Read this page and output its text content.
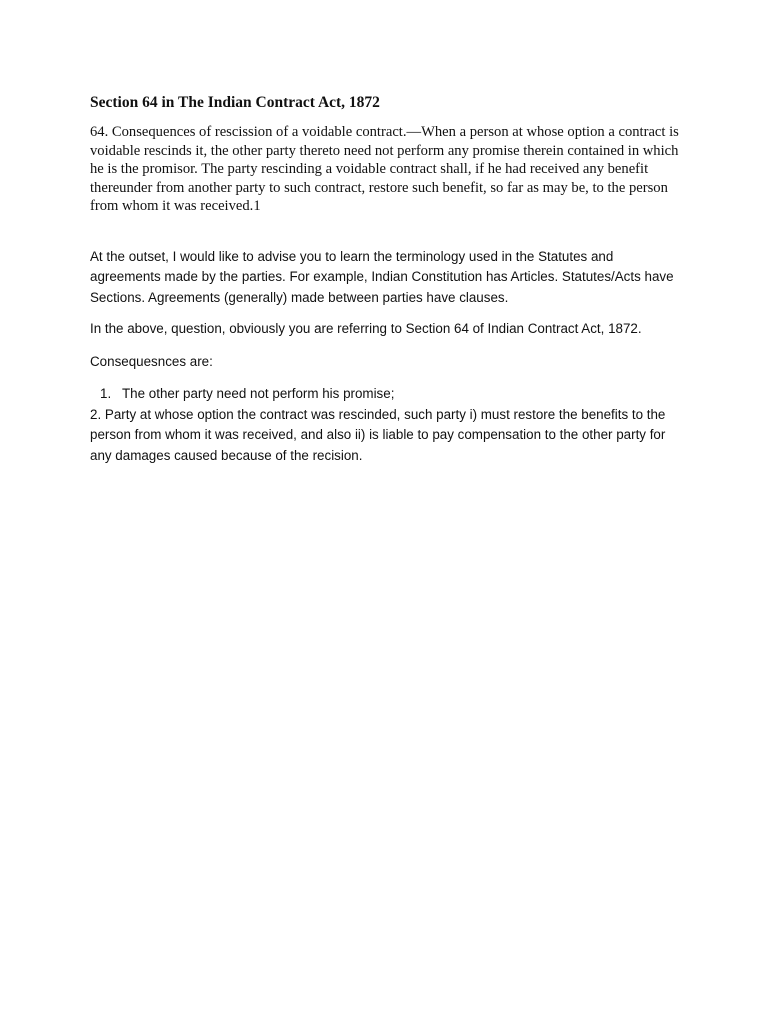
Section 64 in The Indian Contract Act, 1872

64. Consequences of rescission of a voidable contract.—When a person at whose option a contract is voidable rescinds it, the other party thereto need not perform any promise therein contained in which he is the promisor. The party rescinding a voidable contract shall, if he had received any benefit thereunder from another party to such contract, restore such benefit, so far as may be, to the person from whom it was received.1

At the outset, I would like to advise you to learn the terminology used in the Statutes and agreements made by the parties. For example, Indian Constitution has Articles. Statutes/Acts have Sections. Agreements (generally) made between parties have clauses.

In the above, question, obviously you are referring to Section 64 of Indian Contract Act, 1872.

Consequesnces are:

1. The other party need not perform his promise;
2. Party at whose option the contract was rescinded, such party i) must restore the benefits to the person from whom it was received, and also ii) is liable to pay compensation to the other party for any damages caused because of the recision.
